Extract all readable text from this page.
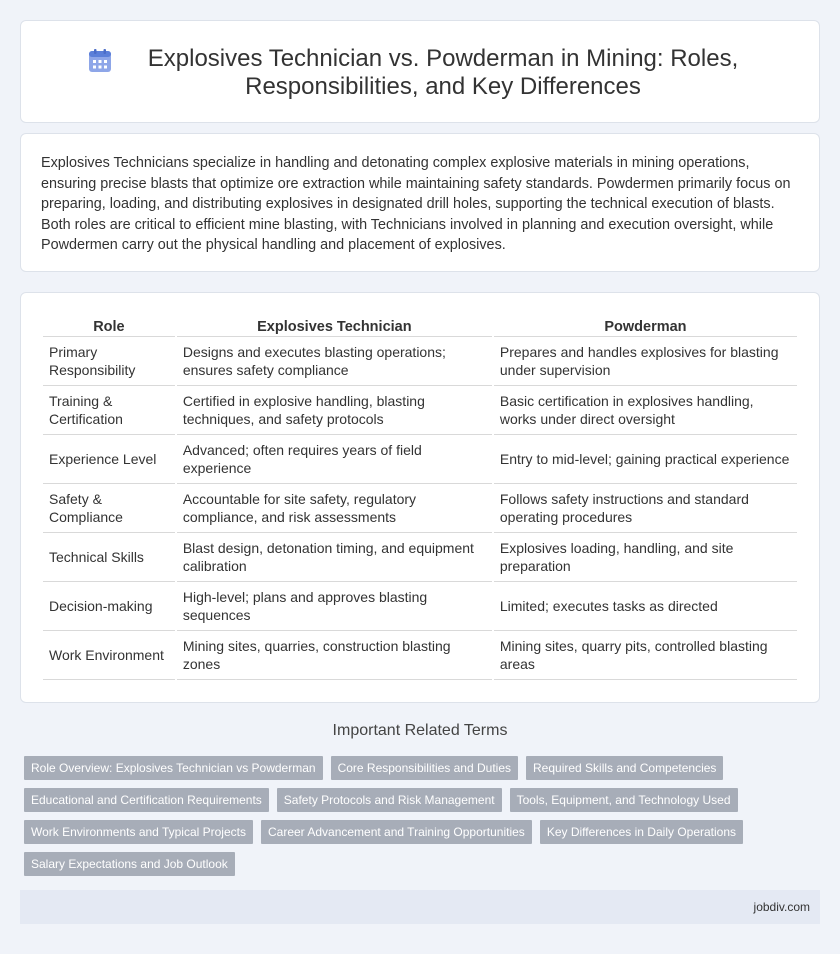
Explosives Technician vs. Powderman in Mining: Roles, Responsibilities, and Key Differences

Explosives Technicians specialize in handling and detonating complex explosive materials in mining operations, ensuring precise blasts that optimize ore extraction while maintaining safety standards. Powdermen primarily focus on preparing, loading, and distributing explosives in designated drill holes, supporting the technical execution of blasts. Both roles are critical to efficient mine blasting, with Technicians involved in planning and execution oversight, while Powdermen carry out the physical handling and placement of explosives.

Role	Explosives Technician	Powderman
Primary Responsibility	Designs and executes blasting operations; ensures safety compliance	Prepares and handles explosives for blasting under supervision
Training & Certification	Certified in explosive handling, blasting techniques, and safety protocols	Basic certification in explosives handling, works under direct oversight
Experience Level	Advanced; often requires years of field experience	Entry to mid-level; gaining practical experience
Safety & Compliance	Accountable for site safety, regulatory compliance, and risk assessments	Follows safety instructions and standard operating procedures
Technical Skills	Blast design, detonation timing, and equipment calibration	Explosives loading, handling, and site preparation
Decision-making	High-level; plans and approves blasting sequences	Limited; executes tasks as directed
Work Environment	Mining sites, quarries, construction blasting zones	Mining sites, quarry pits, controlled blasting areas
Important Related Terms
Role Overview: Explosives Technician vs Powderman	Core Responsibilities and Duties	Required Skills and Competencies
Educational and Certification Requirements	Safety Protocols and Risk Management	Tools, Equipment, and Technology Used
Work Environments and Typical Projects	Career Advancement and Training Opportunities	Key Differences in Daily Operations
Salary Expectations and Job Outlook
jobdiv.com
